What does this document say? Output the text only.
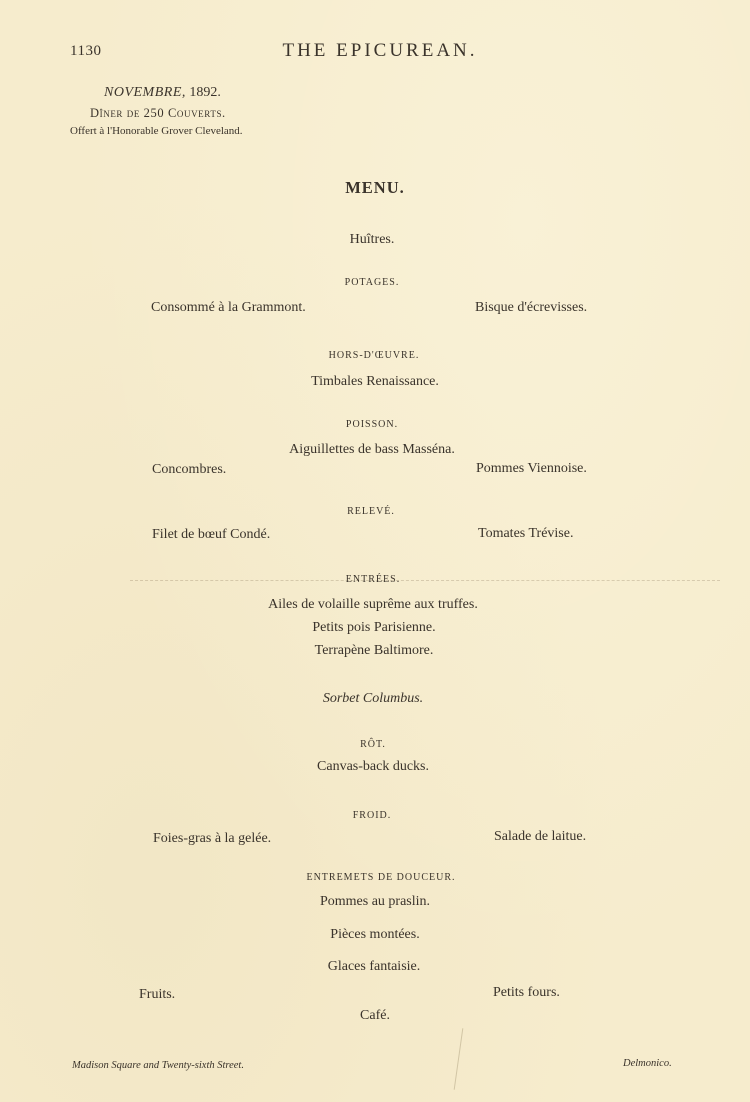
1130	THE EPICUREAN.
NOVEMBRE, 1892.
Dîner de 250 Couverts.
Offert à l'Honorable Grover Cleveland.
MENU.
Huîtres.
POTAGES.
Consommé à la Grammont.	Bisque d'écrevisses.
HORS-D'ŒUVRE.
Timbales Renaissance.
POISSON.
Aiguillettes de bass Masséna.
Concombres.	Pommes Viennoise.
RELEVÉ.
Filet de bœuf Condé.	Tomates Trévise.
ENTRÉES.
Ailes de volaille suprême aux truffes.
Petits pois Parisienne.
Terrapène Baltimore.
Sorbet Columbus.
RÔT.
Canvas-back ducks.
FROID.
Foies-gras à la gelée.	Salade de laitue.
ENTREMETS DE DOUCEUR.
Pommes au praslin.
Pièces montées.
Glaces fantaisie.
Fruits.	Petits fours.
Café.
Madison Square and Twenty-sixth Street.	Delmonico.
